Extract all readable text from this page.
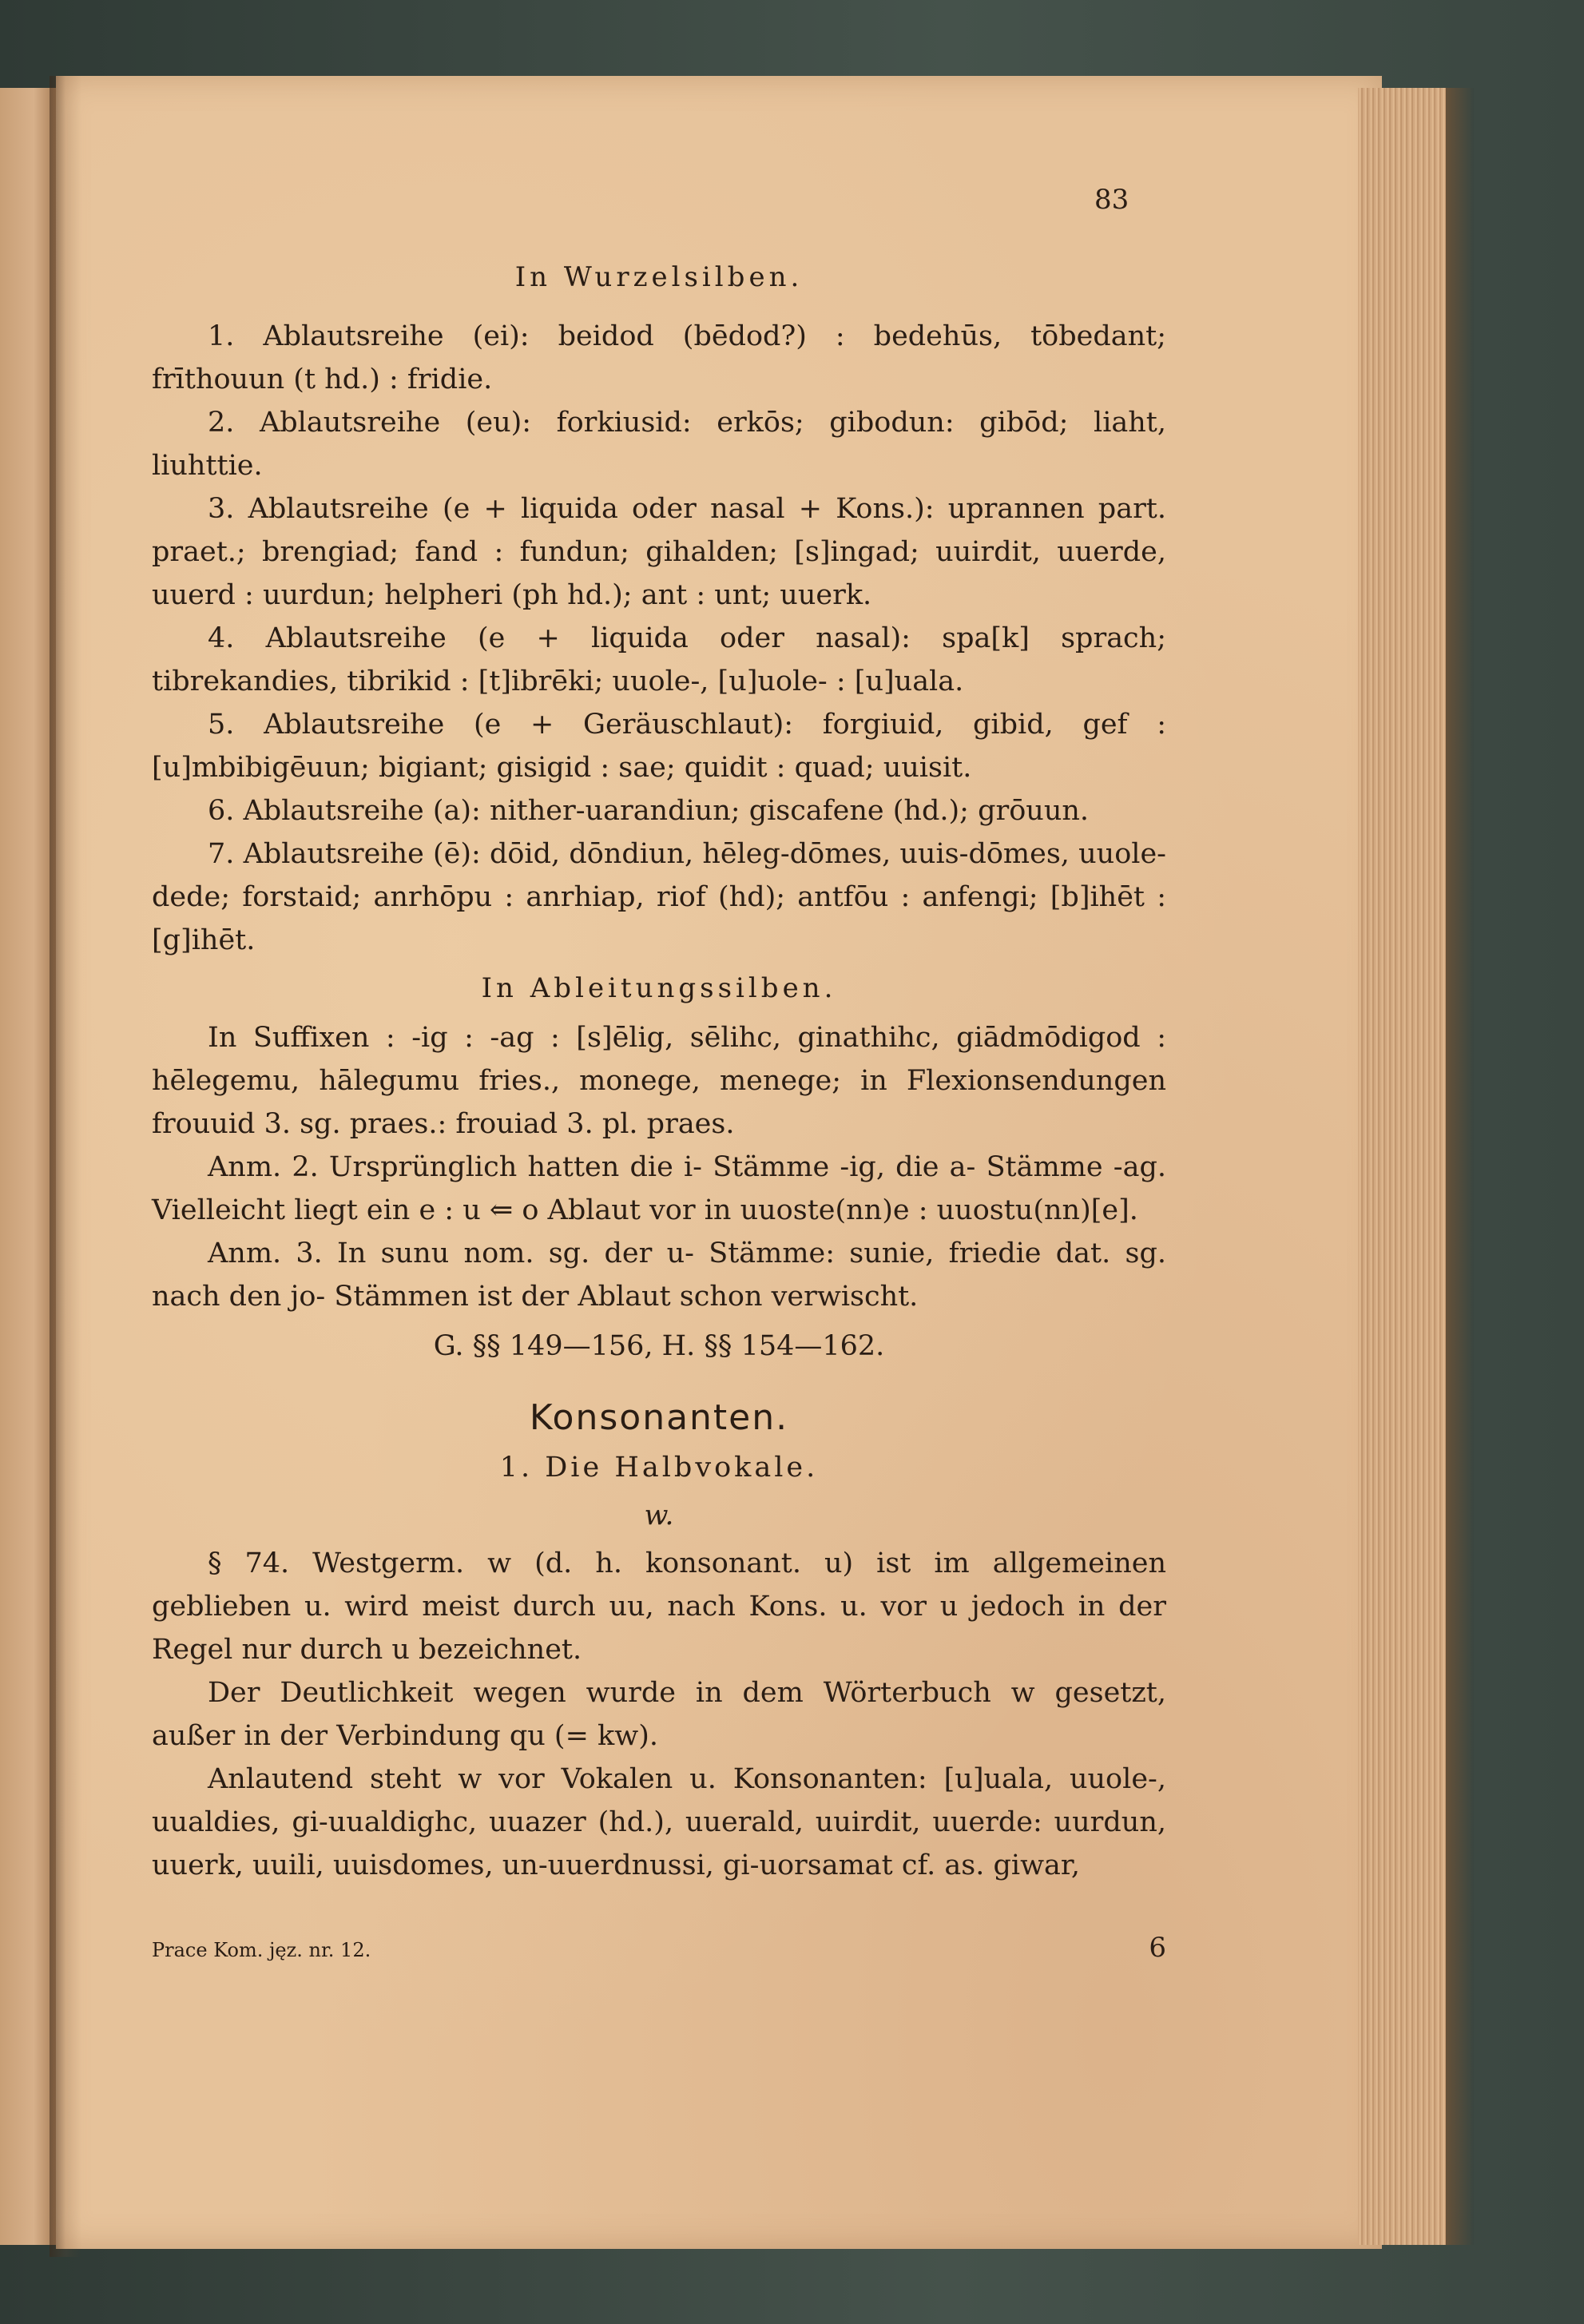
83
In Wurzelsilben.

1. Ablautsreihe (ei): beidod (bēdod?) : bedehūs, tōbedant; frīthouun (t hd.) : fridie.

2. Ablautsreihe (eu): forkiusid: erkōs; gibodun: gibōd; liaht, liuhttie.

3. Ablautsreihe (e + liquida oder nasal + Kons.): uprannen part. praet.; brengiad; fand : fundun; gihalden; [s]ingad; uuirdit, uuerde, uuerd : uurdun; helpheri (ph hd.); ant : unt; uuerk.

4. Ablautsreihe (e + liquida oder nasal): spa[k] sprach; tibrekandies, tibrikid : [t]ibrēki; uuole-, [u]uole- : [u]uala.

5. Ablautsreihe (e + Geräuschlaut): forgiuid, gibid, gef : [u]mbibigēuun; bigiant; gisigid : sae; quidit : quad; uuisit.

6. Ablautsreihe (a): nither-uarandiun; giscafene (hd.); grōuun.

7. Ablautsreihe (ē): dōid, dōndiun, hēleg-dōmes, uuis-dōmes, uuole-dede; forstaid; anrhōpu : anrhiap, riof (hd); antfōu : anfengi; [b]ihēt : [g]ihēt.

In Ableitungssilben.

In Suffixen : -ig : -ag : [s]ēlig, sēlihc, ginathihc, giādmōdigod : hēlegemu, hālegumu fries., monege, menege; in Flexionsendungen frouuid 3. sg. praes.: frouiad 3. pl. praes.

Anm. 2. Ursprünglich hatten die i- Stämme -ig, die a- Stämme -ag. Vielleicht liegt ein e : u ⇐ o Ablaut vor in uuoste(nn)e : uuostu(nn)[e].

Anm. 3. In sunu nom. sg. der u- Stämme: sunie, friedie dat. sg. nach den jo- Stämmen ist der Ablaut schon verwischt.

G. §§ 149—156, H. §§ 154—162.

Konsonanten.
1. Die Halbvokale.
w.

§ 74. Westgerm. w (d. h. konsonant. u) ist im allgemeinen geblieben u. wird meist durch uu, nach Kons. u. vor u jedoch in der Regel nur durch u bezeichnet.

Der Deutlichkeit wegen wurde in dem Wörterbuch w gesetzt, außer in der Verbindung qu (= kw).

Anlautend steht w vor Vokalen u. Konsonanten: [u]uala, uuole-, uualdies, gi-uualdighc, uuazer (hd.), uuerald, uuirdit, uuerde: uurdun, uuerk, uuili, uuisdomes, un-uuerdnussi, gi-uorsamat cf. as. giwar,

Prace Kom. jęz. nr. 12.	6
